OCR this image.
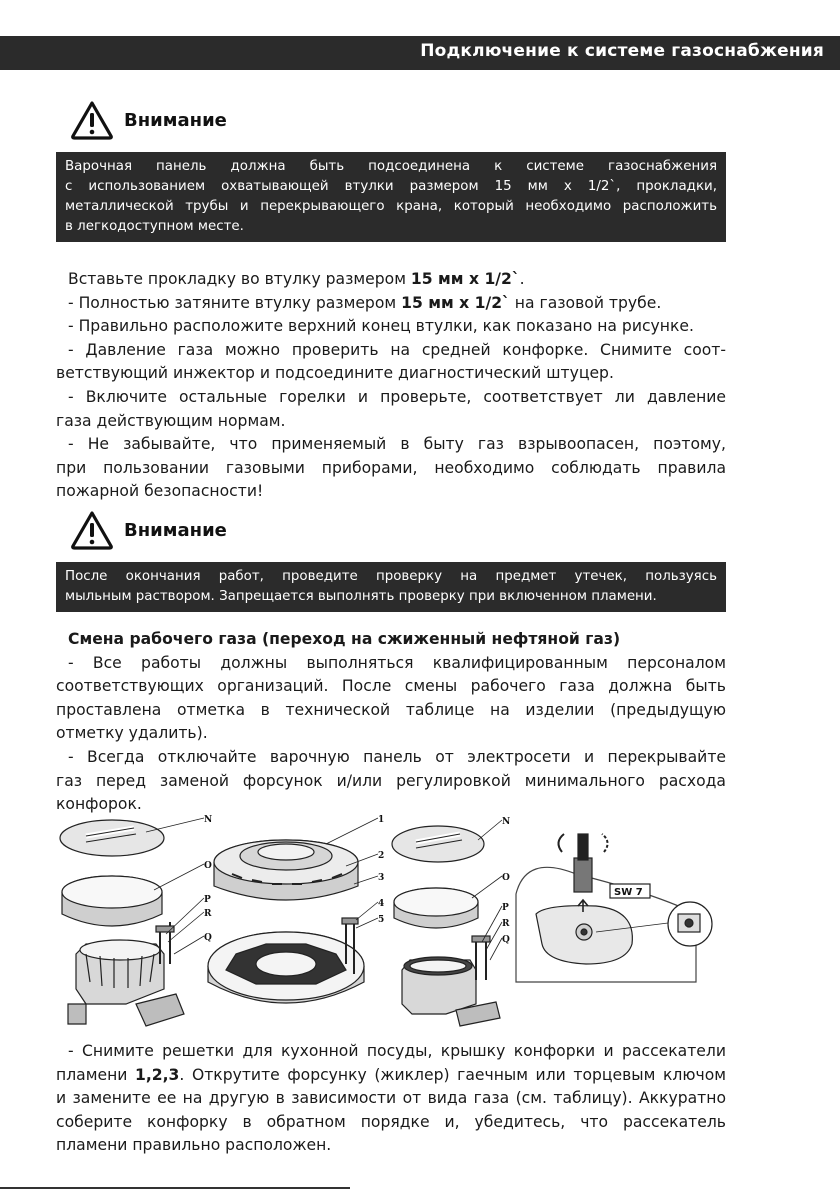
Подключение к системе газоснабжения
Внимание
Варочная панель должна быть подсоединена к системе газоснабжения
с использованием охватывающей втулки размером 15 мм х 1/2`, прокладки,
металлической трубы и перекрывающего крана, который необходимо расположить
в легкодоступном месте.
Вставьте прокладку во втулку размером 15 мм х 1/2`.
- Полностью затяните втулку размером 15 мм х 1/2` на газовой трубе.
- Правильно расположите верхний конец втулки, как показано на рисунке.
- Давление газа можно проверить на средней конфорке. Снимите соот-
ветствующий инжектор и подсоедините диагностический штуцер.
- Включите остальные горелки и проверьте, соответствует ли давление
газа действующим нормам.
- Не забывайте, что применяемый в быту газ взрывоопасен, поэтому,
при пользовании газовыми приборами, необходимо соблюдать правила
пожарной безопасности!
Внимание
После окончания работ, проведите проверку на предмет утечек, пользуясь
мыльным раствором. Запрещается выполнять проверку при включенном пламени.
Смена рабочего газа (переход на сжиженный нефтяной газ)
- Все работы должны выполняться квалифицированным персоналом
соответствующих организаций. После смены рабочего газа должна быть
проставлена отметка в технической таблице на изделии (предыдущую
отметку удалить).
- Всегда отключайте варочную панель от электросети и перекрывайте
газ перед заменой форсунок и/или регулировкой минимального расхода
конфорок.
N
O
P
R
Q
1
2
3
4
5
N
O
P
R
Q
SW 7
- Снимите решетки для кухонной посуды, крышку конфорки и рассекатели
пламени 1,2,3. Открутите форсунку (жиклер) гаечным или торцевым ключом
и замените ее на другую в зависимости от вида газа (см. таблицу). Аккуратно
соберите конфорку в обратном порядке и, убедитесь, что рассекатель
пламени правильно расположен.
